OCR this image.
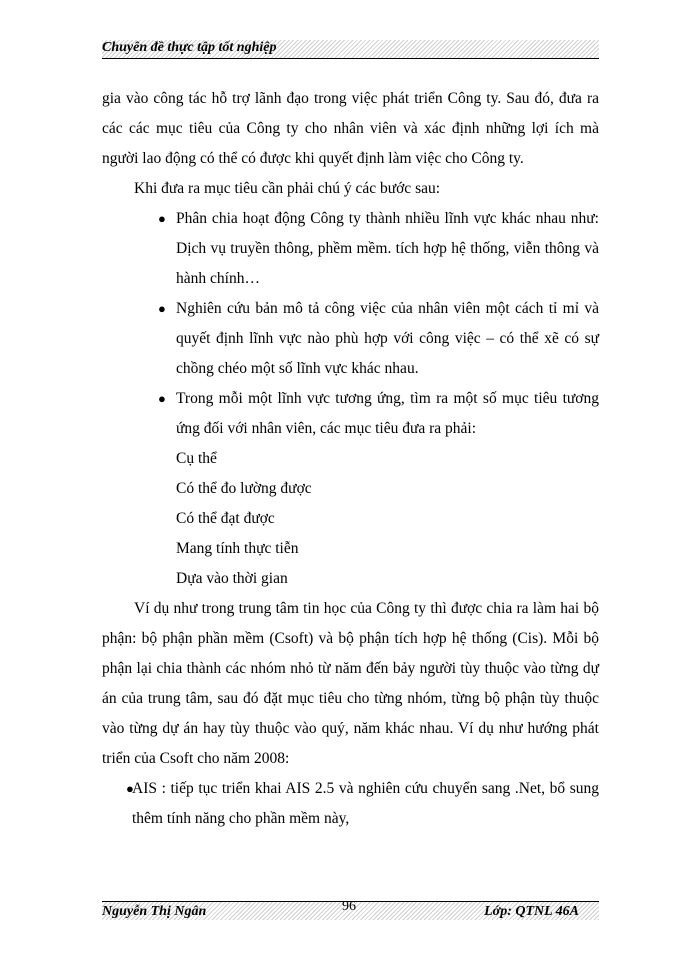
Chuyên đề thực tập tốt nghiệp

gia vào công tác hỗ trợ lãnh đạo trong việc phát triển Công ty. Sau đó, đưa ra các các mục tiêu của Công ty cho nhân viên và xác định những lợi ích mà người lao động có thể có được khi quyết định làm việc cho Công ty.

Khi đưa ra mục tiêu cần phải chú ý các bước sau:

● Phân chia hoạt động Công ty thành nhiều lĩnh vực khác nhau như: Dịch vụ truyền thông, phềm mềm. tích hợp hệ thống, viễn thông và hành chính…
● Nghiên cứu bản mô tả công việc của nhân viên một cách tỉ mỉ và quyết định lĩnh vực nào phù hợp với công việc – có thể xẽ có sự chồng chéo một số lĩnh vực khác nhau.
● Trong mỗi một lĩnh vực tương ứng, tìm ra một số mục tiêu tương ứng đối với nhân viên, các mục tiêu đưa ra phải:
Cụ thể
Có thể đo lường được
Có thể đạt được
Mang tính thực tiễn
Dựa vào thời gian

Ví dụ như trong trung tâm tin học của Công ty thì được chia ra làm hai bộ phận: bộ phận phần mềm (Csoft) và bộ phận tích hợp hệ thống (Cis). Mỗi bộ phận lại chia thành các nhóm nhỏ từ năm đến bảy người tùy thuộc vào từng dự án của trung tâm, sau đó đặt mục tiêu cho từng nhóm, từng bộ phận tùy thuộc vào từng dự án hay tùy thuộc vào quý, năm khác nhau. Ví dụ như hướng phát triển của Csoft cho năm 2008:

●
AIS : tiếp tục triển khai AIS 2.5 và nghiên cứu chuyển sang .Net, bổ sung thêm tính năng cho phần mềm này,
Nguyễn Thị Ngân	96	Lớp: QTNL 46A
